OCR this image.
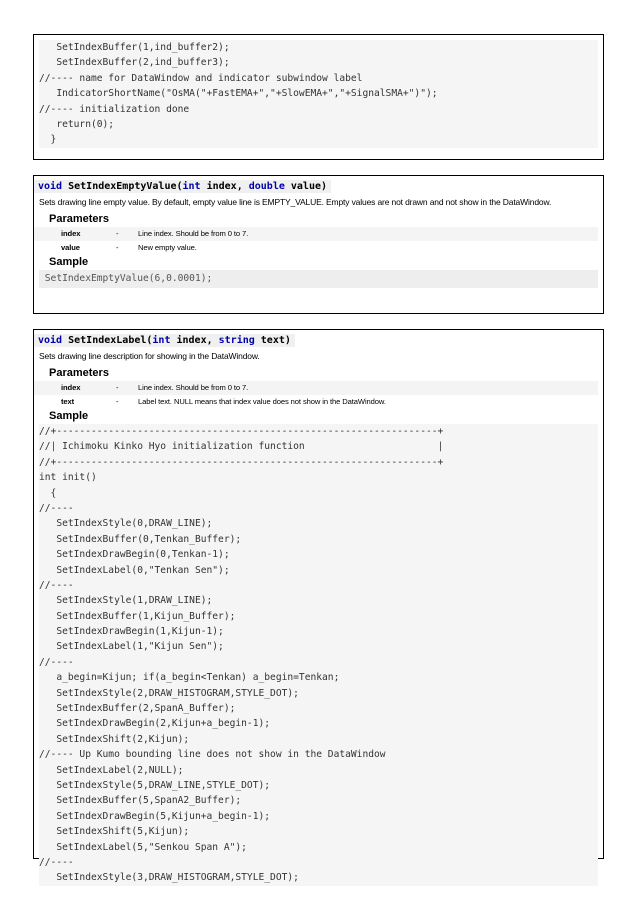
SetIndexBuffer(1,ind_buffer2);
SetIndexBuffer(2,ind_buffer3);
//---- name for DataWindow and indicator subwindow label
IndicatorShortName("OsMA("+FastEMA+","+SlowEMA+","+SignalSMA+")");
//---- initialization done
return(0);
}
void SetIndexEmptyValue(int index, double value)
Sets drawing line empty value. By default, empty value line is EMPTY_VALUE. Empty values are not drawn and not show in the DataWindow.
Parameters
index	-	Line index. Should be from 0 to 7.
value	-	New empty value.
Sample
SetIndexEmptyValue(6,0.0001);
void SetIndexLabel(int index, string text)
Sets drawing line description for showing in the DataWindow.
Parameters
index	-	Line index. Should be from 0 to 7.
text	-	Label text. NULL means that index value does not show in the DataWindow.
Sample
//+------------------------------------------------------------------+
//| Ichimoku Kinko Hyo initialization function                       |
//+------------------------------------------------------------------+
int init()
{
//----
SetIndexStyle(0,DRAW_LINE);
SetIndexBuffer(0,Tenkan_Buffer);
SetIndexDrawBegin(0,Tenkan-1);
SetIndexLabel(0,"Tenkan Sen");
//----
SetIndexStyle(1,DRAW_LINE);
SetIndexBuffer(1,Kijun_Buffer);
SetIndexDrawBegin(1,Kijun-1);
SetIndexLabel(1,"Kijun Sen");
//----
a_begin=Kijun; if(a_begin<Tenkan) a_begin=Tenkan;
SetIndexStyle(2,DRAW_HISTOGRAM,STYLE_DOT);
SetIndexBuffer(2,SpanA_Buffer);
SetIndexDrawBegin(2,Kijun+a_begin-1);
SetIndexShift(2,Kijun);
//---- Up Kumo bounding line does not show in the DataWindow
SetIndexLabel(2,NULL);
SetIndexStyle(5,DRAW_LINE,STYLE_DOT);
SetIndexBuffer(5,SpanA2_Buffer);
SetIndexDrawBegin(5,Kijun+a_begin-1);
SetIndexShift(5,Kijun);
SetIndexLabel(5,"Senkou Span A");
//----
SetIndexStyle(3,DRAW_HISTOGRAM,STYLE_DOT);
